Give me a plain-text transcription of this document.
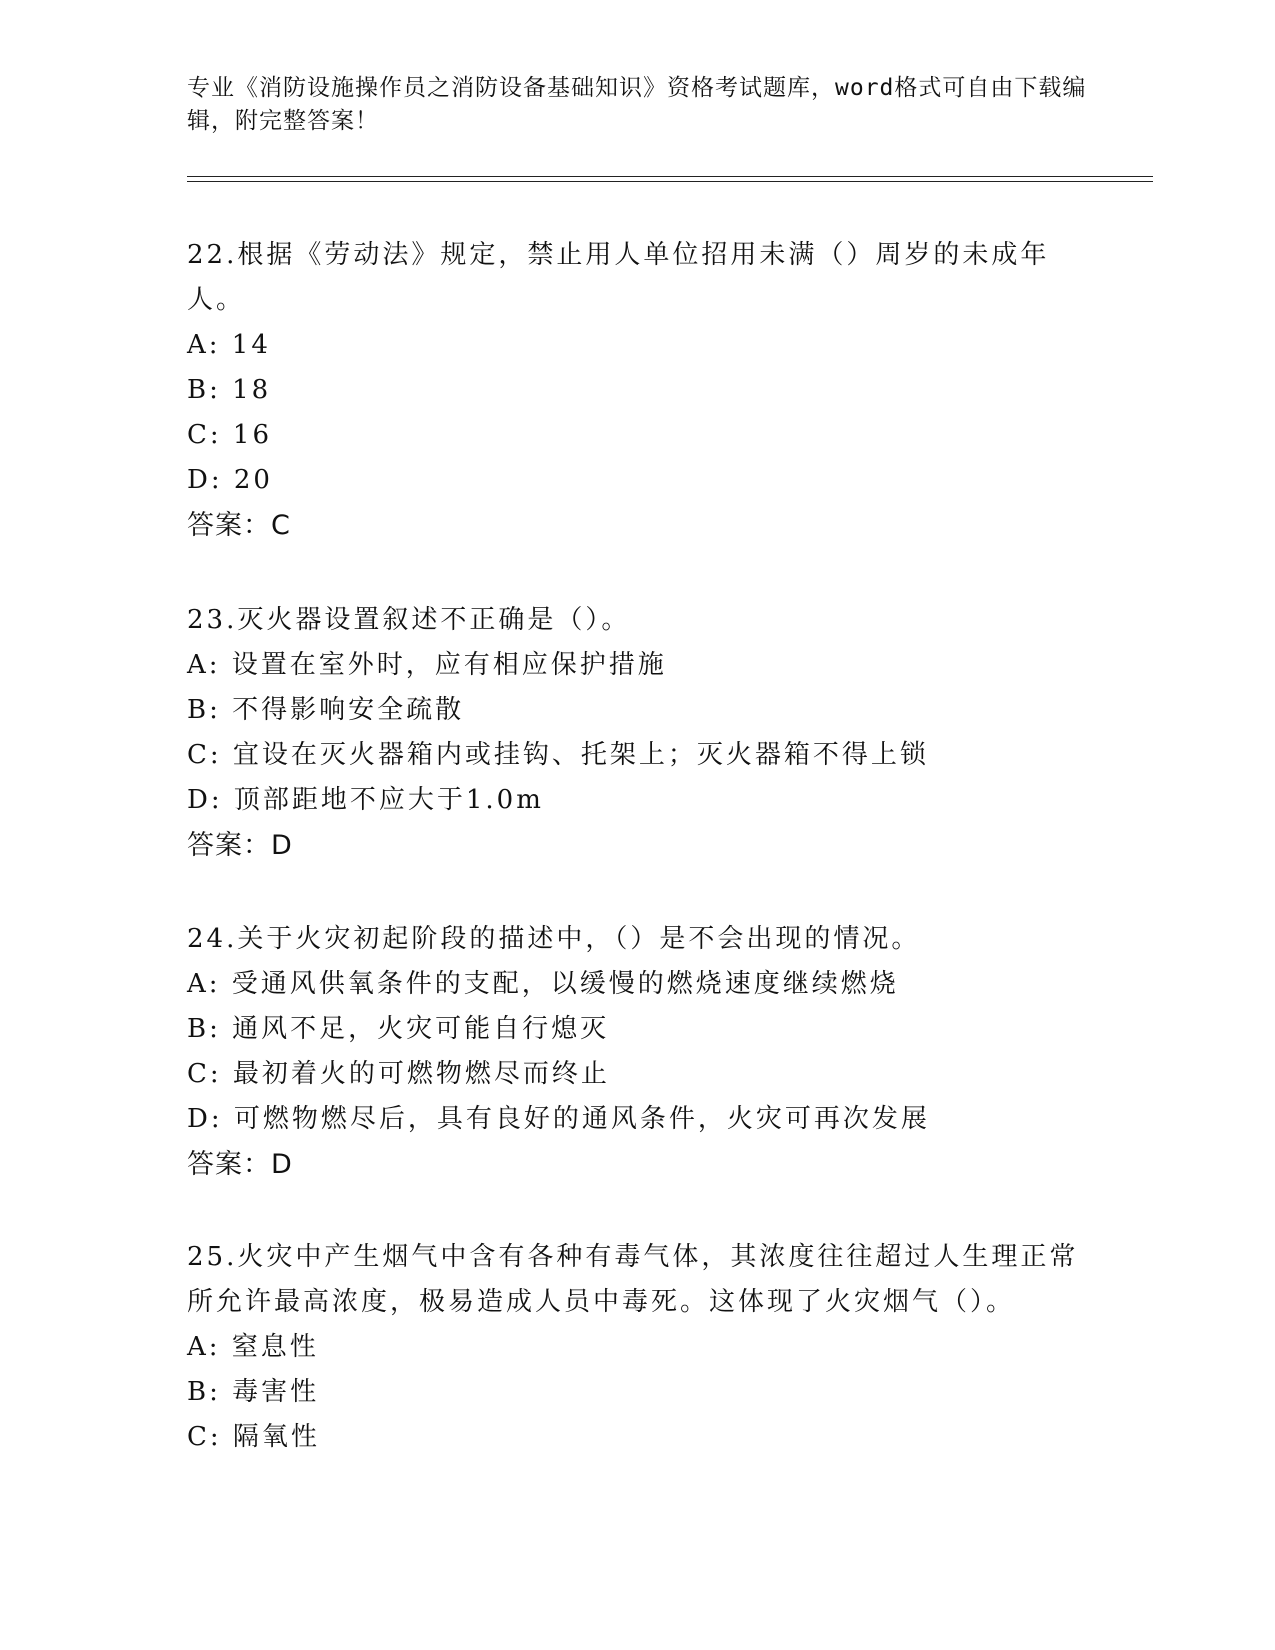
专业《消防设施操作员之消防设备基础知识》资格考试题库，word格式可自由下载编辑，附完整答案！

22.根据《劳动法》规定，禁止用人单位招用未满（）周岁的未成年人。

A: 14

B: 18

C: 16

D: 20

答案：C

23.灭火器设置叙述不正确是（）。

A: 设置在室外时，应有相应保护措施

B: 不得影响安全疏散

C: 宜设在灭火器箱内或挂钩、托架上；灭火器箱不得上锁

D: 顶部距地不应大于1.0m

答案：D

24.关于火灾初起阶段的描述中，（）是不会出现的情况。

A: 受通风供氧条件的支配，以缓慢的燃烧速度继续燃烧

B: 通风不足，火灾可能自行熄灭

C: 最初着火的可燃物燃尽而终止

D: 可燃物燃尽后，具有良好的通风条件，火灾可再次发展

答案：D

25.火灾中产生烟气中含有各种有毒气体，其浓度往往超过人生理正常所允许最高浓度，极易造成人员中毒死。这体现了火灾烟气（）。

A: 窒息性

B: 毒害性

C: 隔氧性
